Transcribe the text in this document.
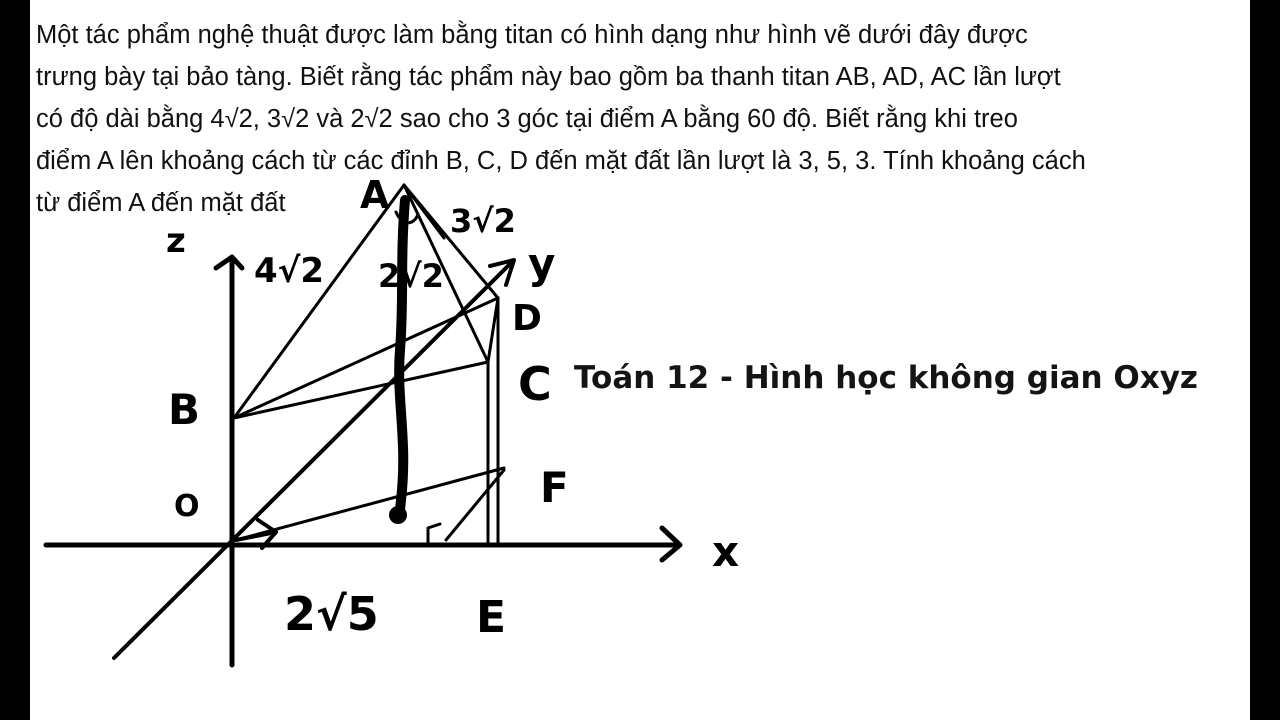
Một tác phẩm nghệ thuật được làm bằng titan có hình dạng như hình vẽ dưới đây được
trưng bày tại bảo tàng. Biết rằng tác phẩm này bao gồm ba thanh titan AB, AD, AC lần lượt
có độ dài bằng 4√2, 3√2 và 2√2 sao cho 3 góc tại điểm A bằng 60 độ. Biết rằng khi treo
điểm A lên khoảng cách từ các đỉnh B, C, D đến mặt đất lần lượt là 3, 5, 3. Tính khoảng cách
từ điểm A đến mặt đất	A
3√2
z
4√2 2√2 y
D
C
B
F
O
x
2√5 E
Toán 12 - Hình học không gian Oxyz
